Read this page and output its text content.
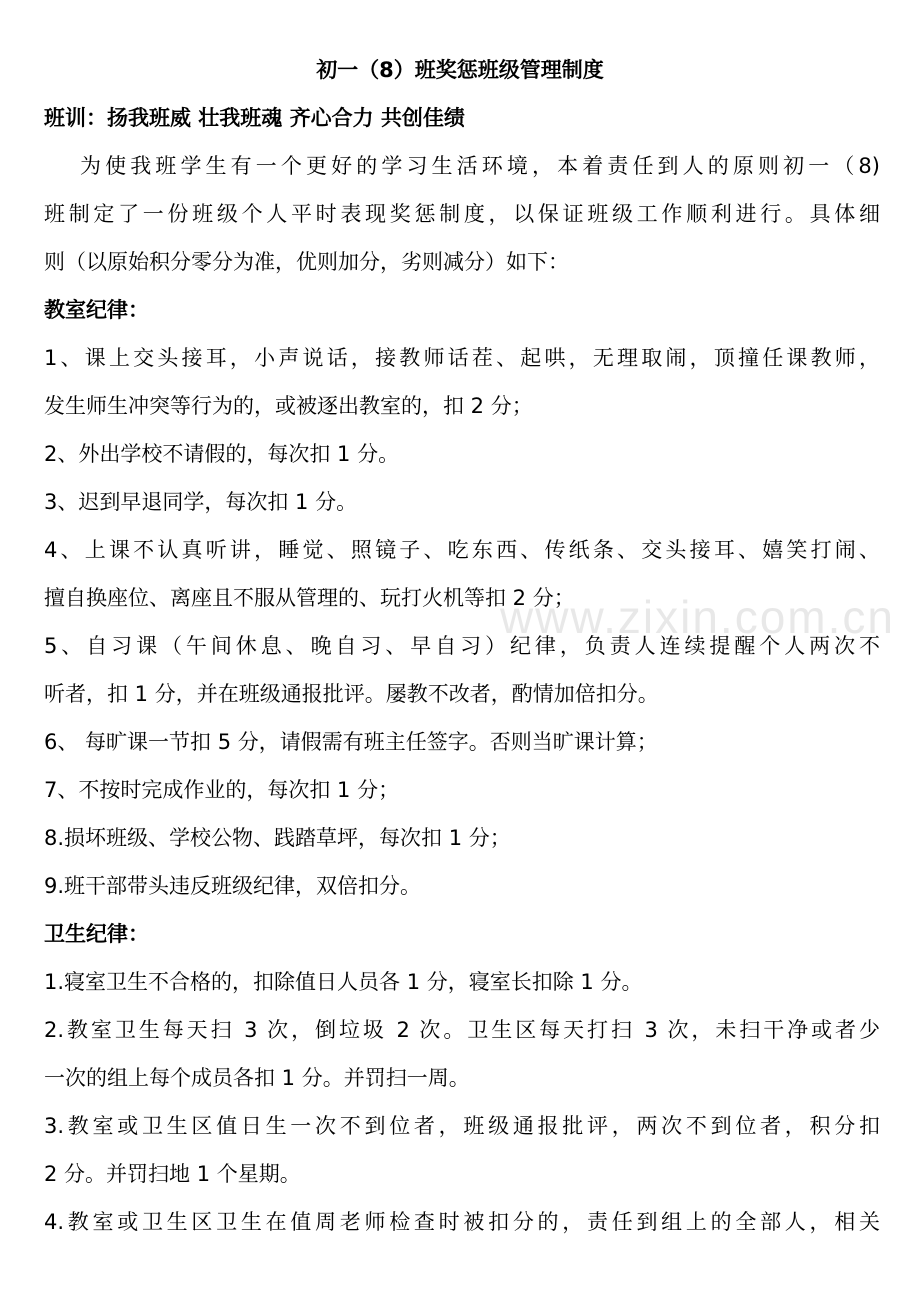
初一（8）班奖惩班级管理制度

班训：扬我班威 壮我班魂 齐心合力 共创佳绩

为使我班学生有一个更好的学习生活环境，本着责任到人的原则初一（8)

班制定了一份班级个人平时表现奖惩制度，以保证班级工作顺利进行。具体细

则（以原始积分零分为准，优则加分，劣则减分）如下：

教室纪律：

1、课上交头接耳，小声说话，接教师话茬、起哄，无理取闹，顶撞任课教师，

发生师生冲突等行为的，或被逐出教室的，扣 2 分；

2、外出学校不请假的，每次扣 1 分。

3、迟到早退同学，每次扣 1 分。

4、上课不认真听讲，睡觉、照镜子、吃东西、传纸条、交头接耳、嬉笑打闹、

擅自换座位、离座且不服从管理的、玩打火机等扣 2 分；

5、自习课（午间休息、晚自习、早自习）纪律，负责人连续提醒个人两次不

听者，扣 1 分，并在班级通报批评。屡教不改者，酌情加倍扣分。

6、 每旷课一节扣 5 分，请假需有班主任签字。否则当旷课计算；

7、不按时完成作业的，每次扣 1 分；

8.损坏班级、学校公物、践踏草坪，每次扣 1 分；

9.班干部带头违反班级纪律，双倍扣分。

卫生纪律：

1.寝室卫生不合格的，扣除值日人员各 1 分，寝室长扣除 1 分。

2.教室卫生每天扫 3 次，倒垃圾 2 次。卫生区每天打扫 3 次，未扫干净或者少

一次的组上每个成员各扣 1 分。并罚扫一周。

3.教室或卫生区值日生一次不到位者，班级通报批评，两次不到位者，积分扣

2 分。并罚扫地 1 个星期。

4.教室或卫生区卫生在值周老师检查时被扣分的，责任到组上的全部人，相关

www.zixin.com.cn
